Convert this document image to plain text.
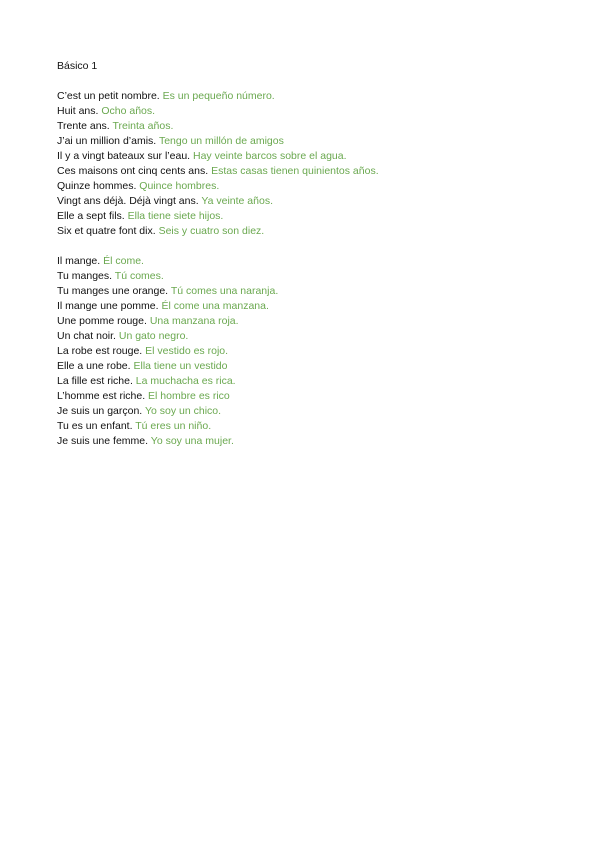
Básico 1
C’est un petit nombre. Es un pequeño número.
Huit ans. Ocho años.
Trente ans. Treinta años.
J’ai un million d’amis. Tengo un millón de amigos
Il y a vingt bateaux sur l’eau. Hay veinte barcos sobre el agua.
Ces maisons ont cinq cents ans. Estas casas tienen quinientos años.
Quinze hommes. Quince hombres.
Vingt ans déjà. Déjà vingt ans. Ya veinte años.
Elle a sept fils. Ella tiene siete hijos.
Six et quatre font dix. Seis y cuatro son diez.
Il mange. Él come.
Tu manges. Tú comes.
Tu manges une orange. Tú comes una naranja.
Il mange une pomme. Él come una manzana.
Une pomme rouge. Una manzana roja.
Un chat noir. Un gato negro.
La robe est rouge. El vestido es rojo.
Elle a une robe. Ella tiene un vestido
La fille est riche. La muchacha es rica.
L’homme est riche. El hombre es rico
Je suis un garçon. Yo soy un chico.
Tu es un enfant. Tú eres un niño.
Je suis une femme. Yo soy una mujer.
